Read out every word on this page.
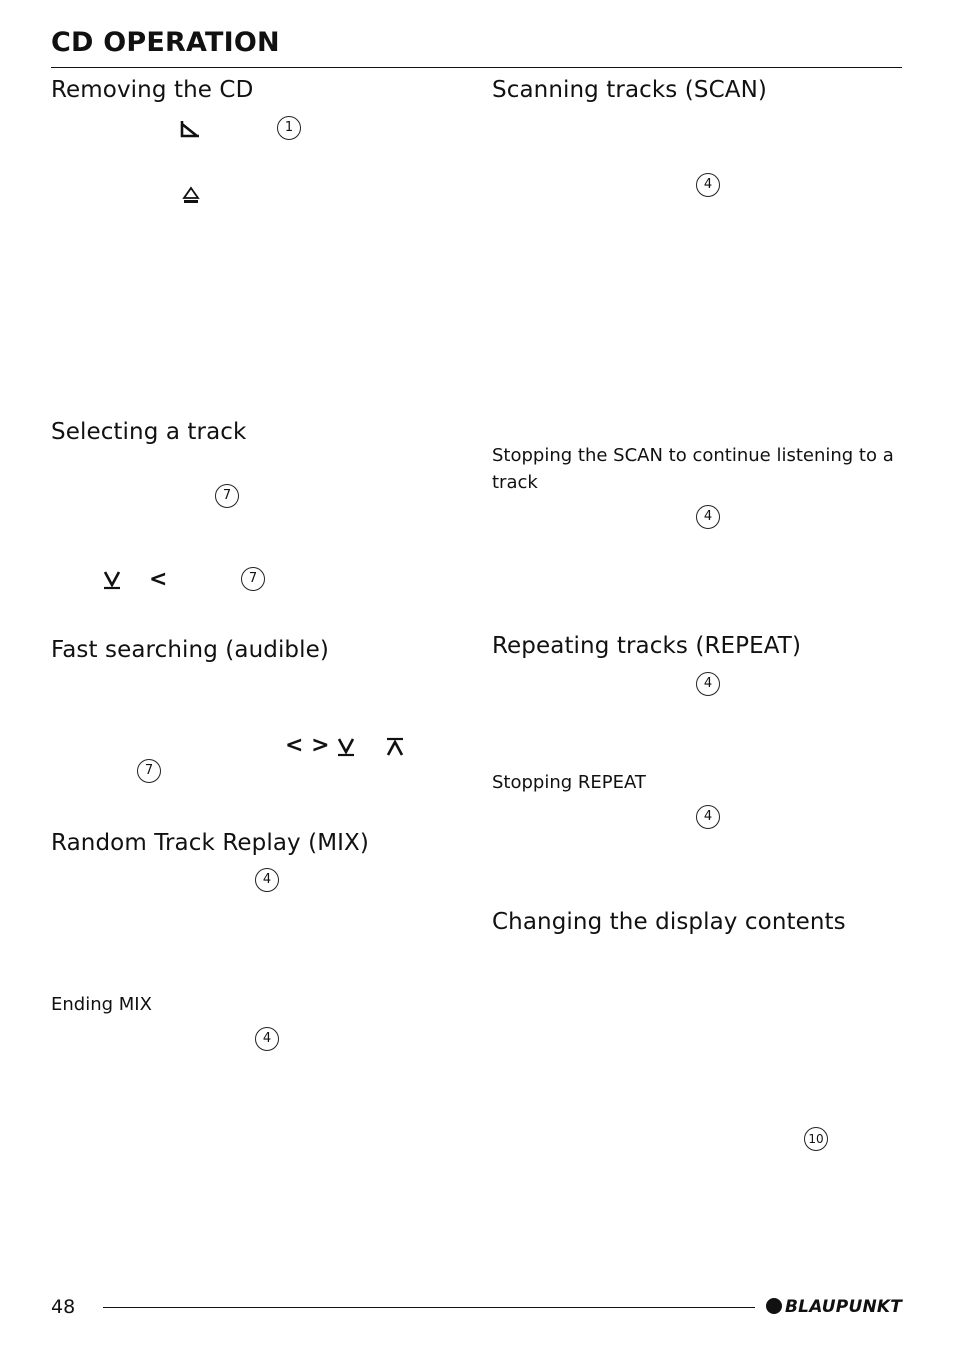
CD OPERATION
Removing the CD
1
Selecting a track
7
<	7
Fast searching (audible)
< >
7
Random Track Replay (MIX)
4
Ending MIX
4
Scanning tracks (SCAN)
4
Stopping the SCAN to continue listening to a track
4
Repeating tracks (REPEAT)
4
Stopping REPEAT
4
Changing the display contents
10
48	BLAUPUNKT
